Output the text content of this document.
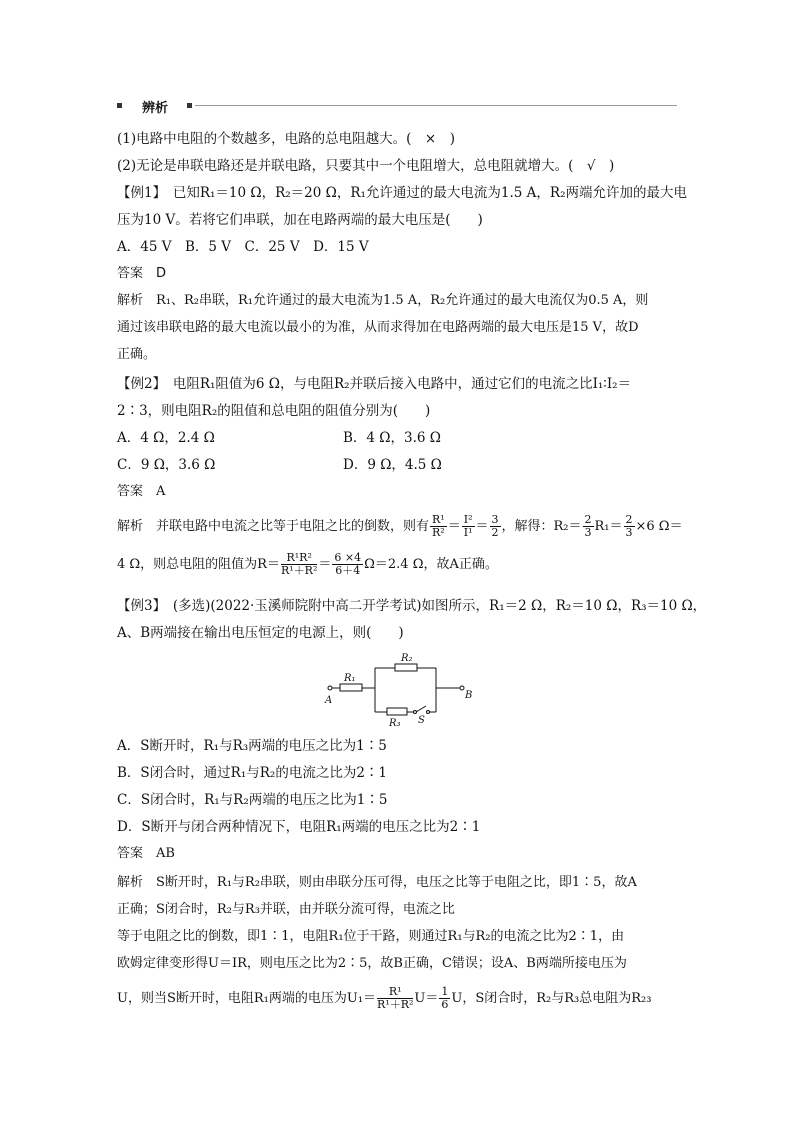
辨析
(1)电路中电阻的个数越多，电路的总电阻越大。(　×　)
(2)无论是串联电路还是并联电路，只要其中一个电阻增大，总电阻就增大。(　√　)
【例1】　已知R₁＝10 Ω，R₂＝20 Ω，R₁允许通过的最大电流为1.5 A，R₂两端允许加的最大电
压为10 V。若将它们串联，加在电路两端的最大电压是(　　)
A．45 V　B．5 V　C．25 V　D．15 V
答案　D
解析　R₁、R₂串联，R₁允许通过的最大电流为1.5 A，R₂允许通过的最大电流仅为0.5 A，则
通过该串联电路的最大电流以最小的为准，从而求得加在电路两端的最大电压是15 V，故D
正确。
【例2】　电阻R₁阻值为6 Ω，与电阻R₂并联后接入电路中，通过它们的电流之比I₁∶I₂＝
2∶3，则电阻R₂的阻值和总电阻的阻值分别为(　　)
A．4 Ω，2.4 Ω	B．4 Ω，3.6 Ω
C．9 Ω，3.6 Ω	D．9 Ω，4.5 Ω
答案　A
解析　并联电路中电流之比等于电阻之比的倒数，则有 $\frac{\text{R¹}}{\text{R²}} = \frac{\text{I²}}{\text{I¹}} = \frac{3}{2}$ ，解得：$R_2= \frac{2}{3} R_1= \frac{2}{3} \times 6$ Ω＝
4 Ω，则总电阻的阻值为$R= \frac{\text{R¹R²}}{\text{R¹＋R²}} = \frac{6 \times 4}{6+4} \Omega=2.4$ Ω，故A正确。
【例3】　(多选)(2022·玉溪师院附中高二开学考试)如图所示，R₁＝2 Ω，R₂＝10 Ω，R₃＝10 Ω，
A、B两端接在输出电压恒定的电源上，则(　　)
A	B
R₁
R₂
R₃ S
A．S断开时，R₁与R₃两端的电压之比为1∶5
B．S闭合时，通过R₁与R₂的电流之比为2∶1
C．S闭合时，R₁与R₂两端的电压之比为1∶5
D．S断开与闭合两种情况下，电阻R₁两端的电压之比为2∶1
答案　AB
解析　S断开时，R₁与R₂串联，则由串联分压可得，电压之比等于电阻之比，即1∶5，故A
正确；S闭合时，R₂与R₃并联，由并联分流可得，电流之比
等于电阻之比的倒数，即1∶1，电阻R₁位于干路，则通过R₁与R₂的电流之比为2∶1，由
欧姆定律变形得U＝IR，则电压之比为2∶5，故B正确，C错误；设A、B两端所接电压为
U，则当S断开时，电阻R₁两端的电压为$U_1= \frac{\text{R¹}}{\text{R¹＋R²}} U= \frac{1}{6}$ U，S闭合时，R₂与R₃总电阻为R₂₃
